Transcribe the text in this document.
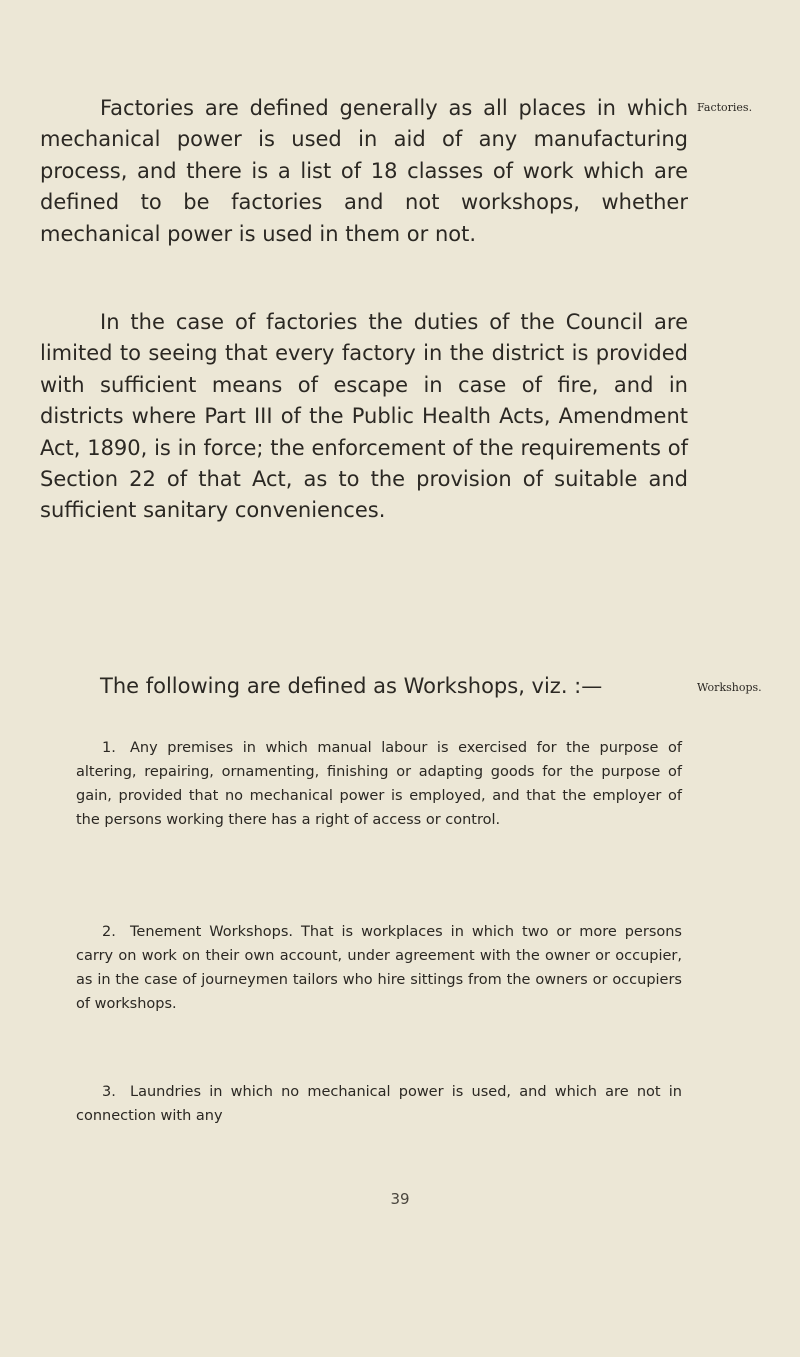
Factories are defined generally as all places in which mechanical power is used in aid of any manufacturing process, and there is a list of 18 classes of work which are defined to be factories and not workshops, whether mechanical power is used in them or not.

Factories.

In the case of factories the duties of the Council are limited to seeing that every factory in the district is provided with sufficient means of escape in case of fire, and in districts where Part III of the Public Health Acts, Amendment Act, 1890, is in force; the enforcement of the requirements of Section 22 of that Act, as to the provision of suitable and sufficient sanitary conveniences.

The following are defined as Workshops, viz. :—	Workshops.

1. Any premises in which manual labour is exercised for the purpose of altering, repairing, ornamenting, finishing or adapting goods for the purpose of gain, provided that no mechanical power is employed, and that the employer of the persons working there has a right of access or control.

2. Tenement Workshops. That is workplaces in which two or more persons carry on work on their own account, under agreement with the owner or occupier, as in the case of journeymen tailors who hire sittings from the owners or occupiers of workshops.

3. Laundries in which no mechanical power is used, and which are not in connection with any

39
